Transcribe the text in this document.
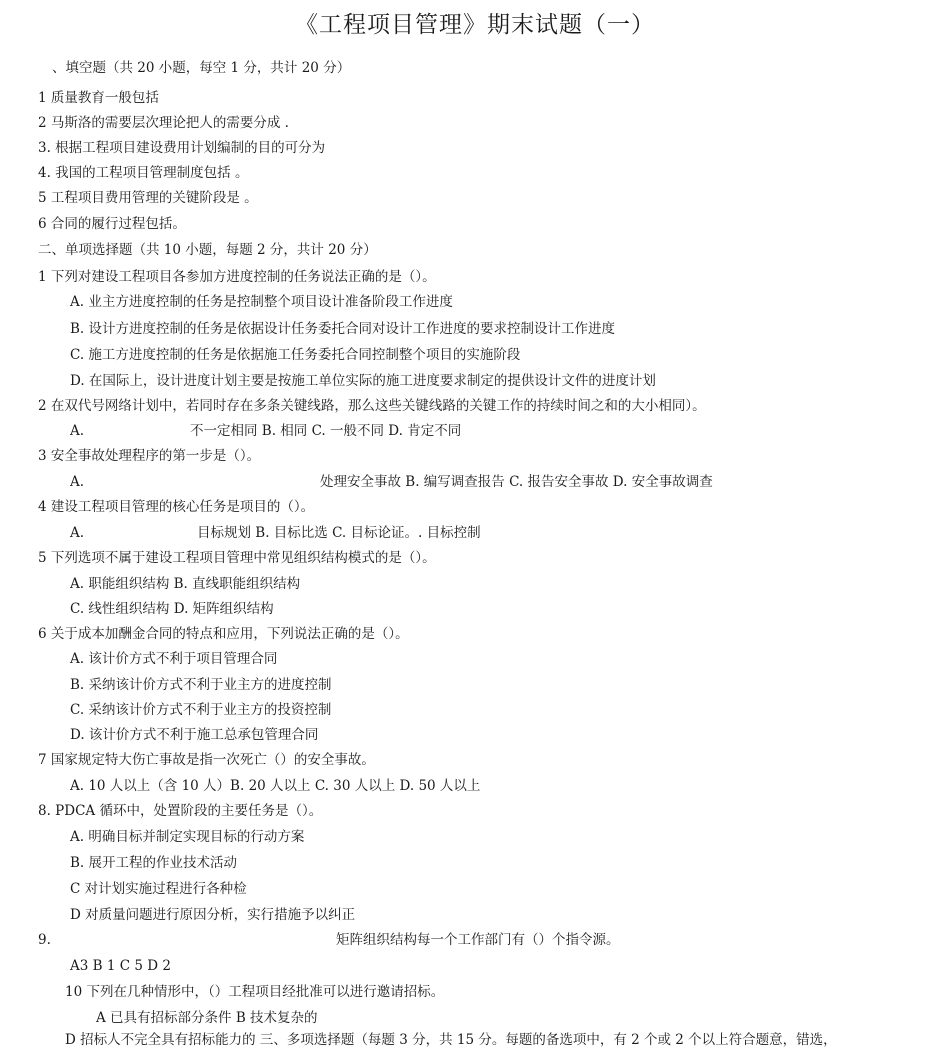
《工程项目管理》期末试题（一）
、填空题（共 20 小题，每空 1 分，共计 20 分）
1 质量教育一般包括
2 马斯洛的需要层次理论把人的需要分成 .
3. 根据工程项目建设费用计划编制的目的可分为
4. 我国的工程项目管理制度包括 。
5 工程项目费用管理的关键阶段是 。
6 合同的履行过程包括。
二、单项选择题（共 10 小题，每题 2 分，共计 20 分）
1 下列对建设工程项目各参加方进度控制的任务说法正确的是（）。
A. 业主方进度控制的任务是控制整个项目设计准备阶段工作进度
B. 设计方进度控制的任务是依据设计任务委托合同对设计工作进度的要求控制设计工作进度
C. 施工方进度控制的任务是依据施工任务委托合同控制整个项目的实施阶段
D. 在国际上，设计进度计划主要是按施工单位实际的施工进度要求制定的提供设计文件的进度计划
2 在双代号网络计划中，若同时存在多条关键线路，那么这些关键线路的关键工作的持续时间之和的大小相同）。
A.	不一定相同 B. 相同 C. 一般不同 D. 肯定不同
3 安全事故处理程序的第一步是（）。
A.	处理安全事故 B. 编写调查报告 C. 报告安全事故 D. 安全事故调查
4 建设工程项目管理的核心任务是项目的（）。
A.	目标规划 B. 目标比选 C. 目标论证。. 目标控制
5 下列选项不属于建设工程项目管理中常见组织结构模式的是（）。
A. 职能组织结构 B. 直线职能组织结构
C. 线性组织结构 D. 矩阵组织结构
6 关于成本加酬金合同的特点和应用，下列说法正确的是（）。
A. 该计价方式不利于项目管理合同
B. 采纳该计价方式不利于业主方的进度控制
C. 采纳该计价方式不利于业主方的投资控制
D. 该计价方式不利于施工总承包管理合同
7 国家规定特大伤亡事故是指一次死亡（）的安全事故。
A. 10 人以上（含 10 人）B. 20 人以上 C. 30 人以上 D. 50 人以上
8. PDCA 循环中，处置阶段的主要任务是（）。
A. 明确目标并制定实现目标的行动方案
B. 展开工程的作业技术活动
C 对计划实施过程进行各种检
D 对质量问题进行原因分析，实行措施予以纠正
9.	矩阵组织结构每一个工作部门有（）个指令源。
A3 B 1 C 5 D 2
10 下列在几种情形中，（）工程项目经批准可以进行邀请招标。
A 已具有招标部分条件 B 技术复杂的
D 招标人不完全具有招标能力的 三、多项选择题（每题 3 分，共 15 分。每题的备选项中，有 2 个或 2 个以上符合题意，错选，
